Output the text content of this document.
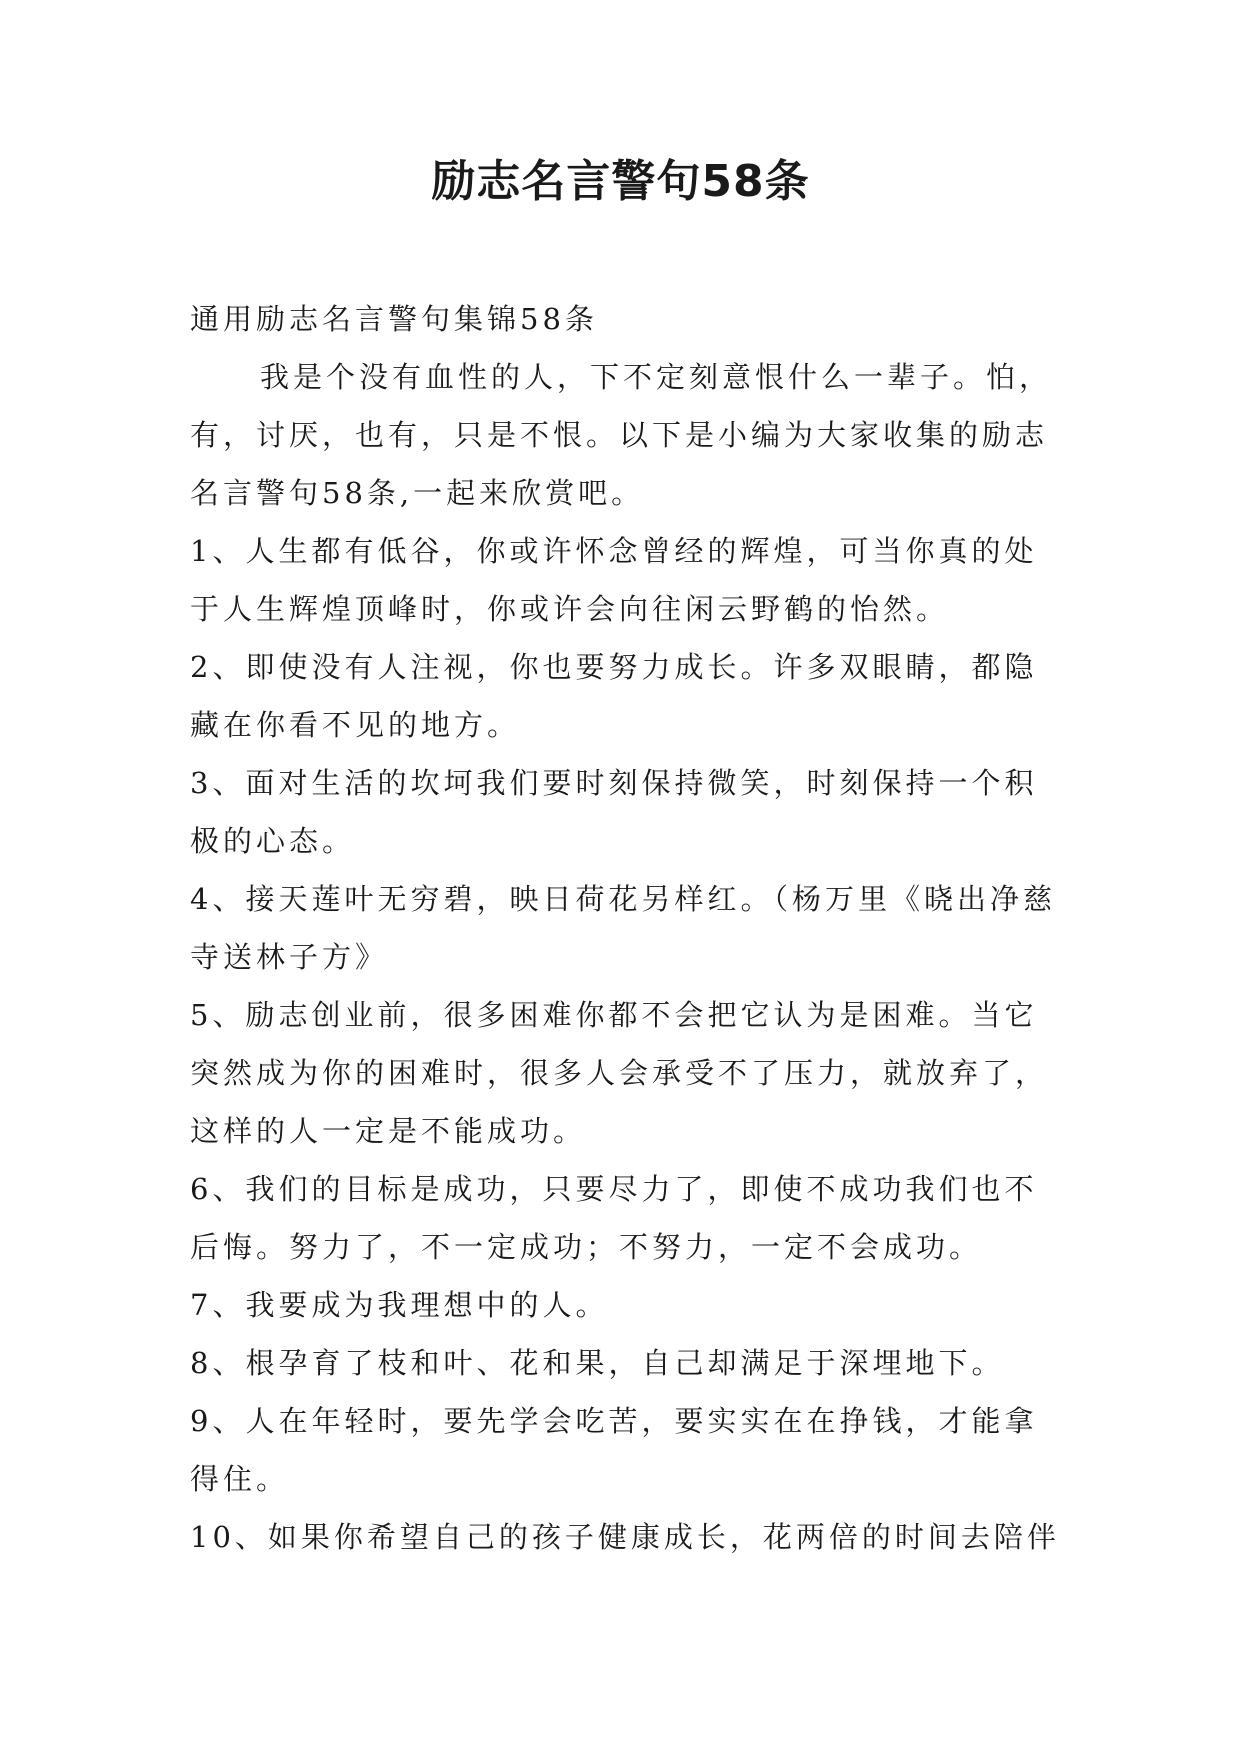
励志名言警句58条

通用励志名言警句集锦58条

我是个没有血性的人，下不定刻意恨什么一辈子。怕，有，讨厌，也有，只是不恨。以下是小编为大家收集的励志名言警句58条,一起来欣赏吧。

1、人生都有低谷，你或许怀念曾经的辉煌，可当你真的处于人生辉煌顶峰时，你或许会向往闲云野鹤的怡然。

2、即使没有人注视，你也要努力成长。许多双眼睛，都隐藏在你看不见的地方。

3、面对生活的坎坷我们要时刻保持微笑，时刻保持一个积极的心态。

4、接天莲叶无穷碧，映日荷花另样红。（杨万里《晓出净慈寺送林子方》

5、励志创业前，很多困难你都不会把它认为是困难。当它突然成为你的困难时，很多人会承受不了压力，就放弃了，这样的人一定是不能成功。

6、我们的目标是成功，只要尽力了，即使不成功我们也不后悔。努力了，不一定成功；不努力，一定不会成功。

7、我要成为我理想中的人。

8、根孕育了枝和叶、花和果，自己却满足于深埋地下。

9、人在年轻时，要先学会吃苦，要实实在在挣钱，才能拿得住。

10、如果你希望自己的孩子健康成长，花两倍的时间去陪伴
